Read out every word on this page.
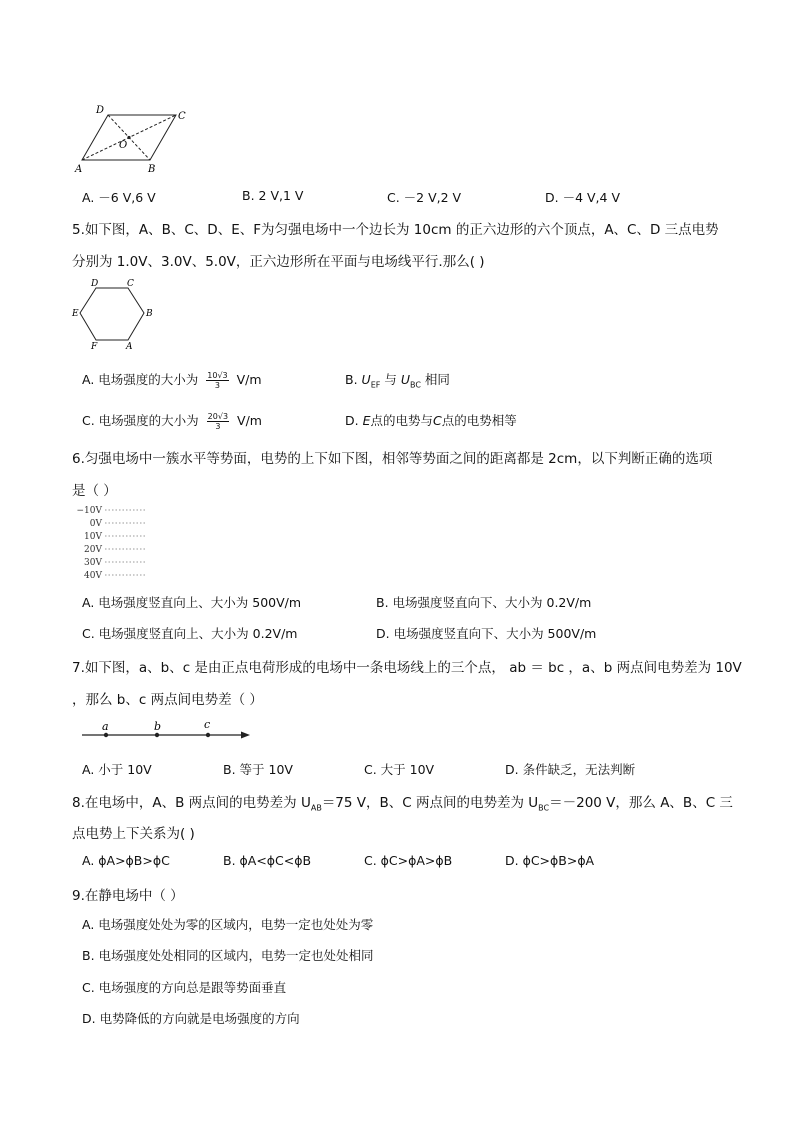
D
C
O
A	B
A. －6 V,6 V	B. 2 V,1 V	C. －2 V,2 V	D. －4 V,4 V
5.如下图，A、B、C、D、E、F为匀强电场中一个边长为 10cm 的正六边形的六个顶点，A、C、D 三点电势
分别为 1.0V、3.0V、5.0V，正六边形所在平面与电场线平行.那么( )
D	C
E	B
F	A
A. 电场强度的大小为 $\frac{10√3}{3} V/m$	B. $U_{EF}$ 与 $U_{BC}$ 相同
C. 电场强度的大小为 $\frac{20√3}{3} V/m$	D. E点的电势与C点的电势相等
6.匀强电场中一簇水平等势面，电势的上下如下图，相邻等势面之间的距离都是 2cm，以下判断正确的选项
是（ ）
−10V
0V
10V
20V
30V
40V
A. 电场强度竖直向上、大小为 500V/m	B. 电场强度竖直向下、大小为 0.2V/m
C. 电场强度竖直向上、大小为 0.2V/m	D. 电场强度竖直向下、大小为 500V/m
7.如下图，a、b、c 是由正点电荷形成的电场中一条电场线上的三个点， ab ＝ bc ，a、b 两点间电势差为 10V
，那么 b、c 两点间电势差（ ）
a	b	c
A. 小于 10V	B. 等于 10V	C. 大于 10V	D. 条件缺乏，无法判断
8.在电场中，A、B 两点间的电势差为 $U_{AB}=75$ V，B、C 两点间的电势差为 $U_{BC}=-200$ V，那么 A、B、C 三
点电势上下关系为( )
A. ϕA>ϕB>ϕC	B. ϕA<ϕC<ϕB	C. ϕC>ϕA>ϕB	D. ϕC>ϕB>ϕA
9.在静电场中（ ）
A. 电场强度处处为零的区域内，电势一定也处处为零
B. 电场强度处处相同的区域内，电势一定也处处相同
C. 电场强度的方向总是跟等势面垂直
D. 电势降低的方向就是电场强度的方向
